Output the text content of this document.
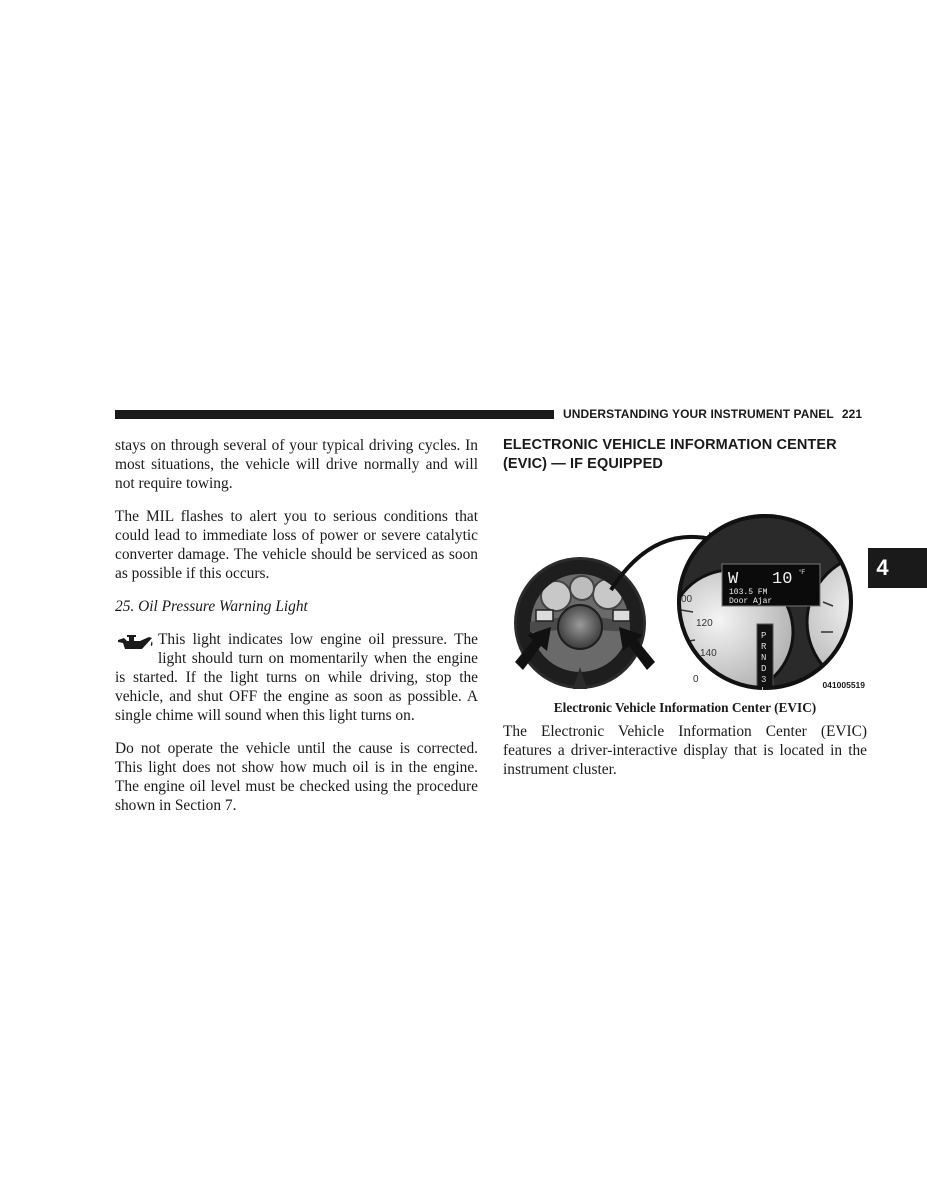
UNDERSTANDING YOUR INSTRUMENT PANEL 221

stays on through several of your typical driving cycles. In most situations, the vehicle will drive normally and will not require towing.

The MIL flashes to alert you to serious conditions that could lead to immediate loss of power or severe catalytic converter damage. The vehicle should be serviced as soon as possible if this occurs.

25. Oil Pressure Warning Light

This light indicates low engine oil pressure. The light should turn on momentarily when the engine is started. If the light turns on while driving, stop the vehicle, and shut OFF the engine as soon as possible. A single chime will sound when this light turns on.

Do not operate the vehicle until the cause is corrected. This light does not show how much oil is in the engine. The engine oil level must be checked using the procedure shown in Section 7.

ELECTRONIC VEHICLE INFORMATION CENTER (EVIC) — IF EQUIPPED
W 10 °F
103.5 FM
Door Ajar
00
120
140
0
P
R
N
D
3
L
041005519
Electronic Vehicle Information Center (EVIC)

The Electronic Vehicle Information Center (EVIC) features a driver-interactive display that is located in the instrument cluster.

4
